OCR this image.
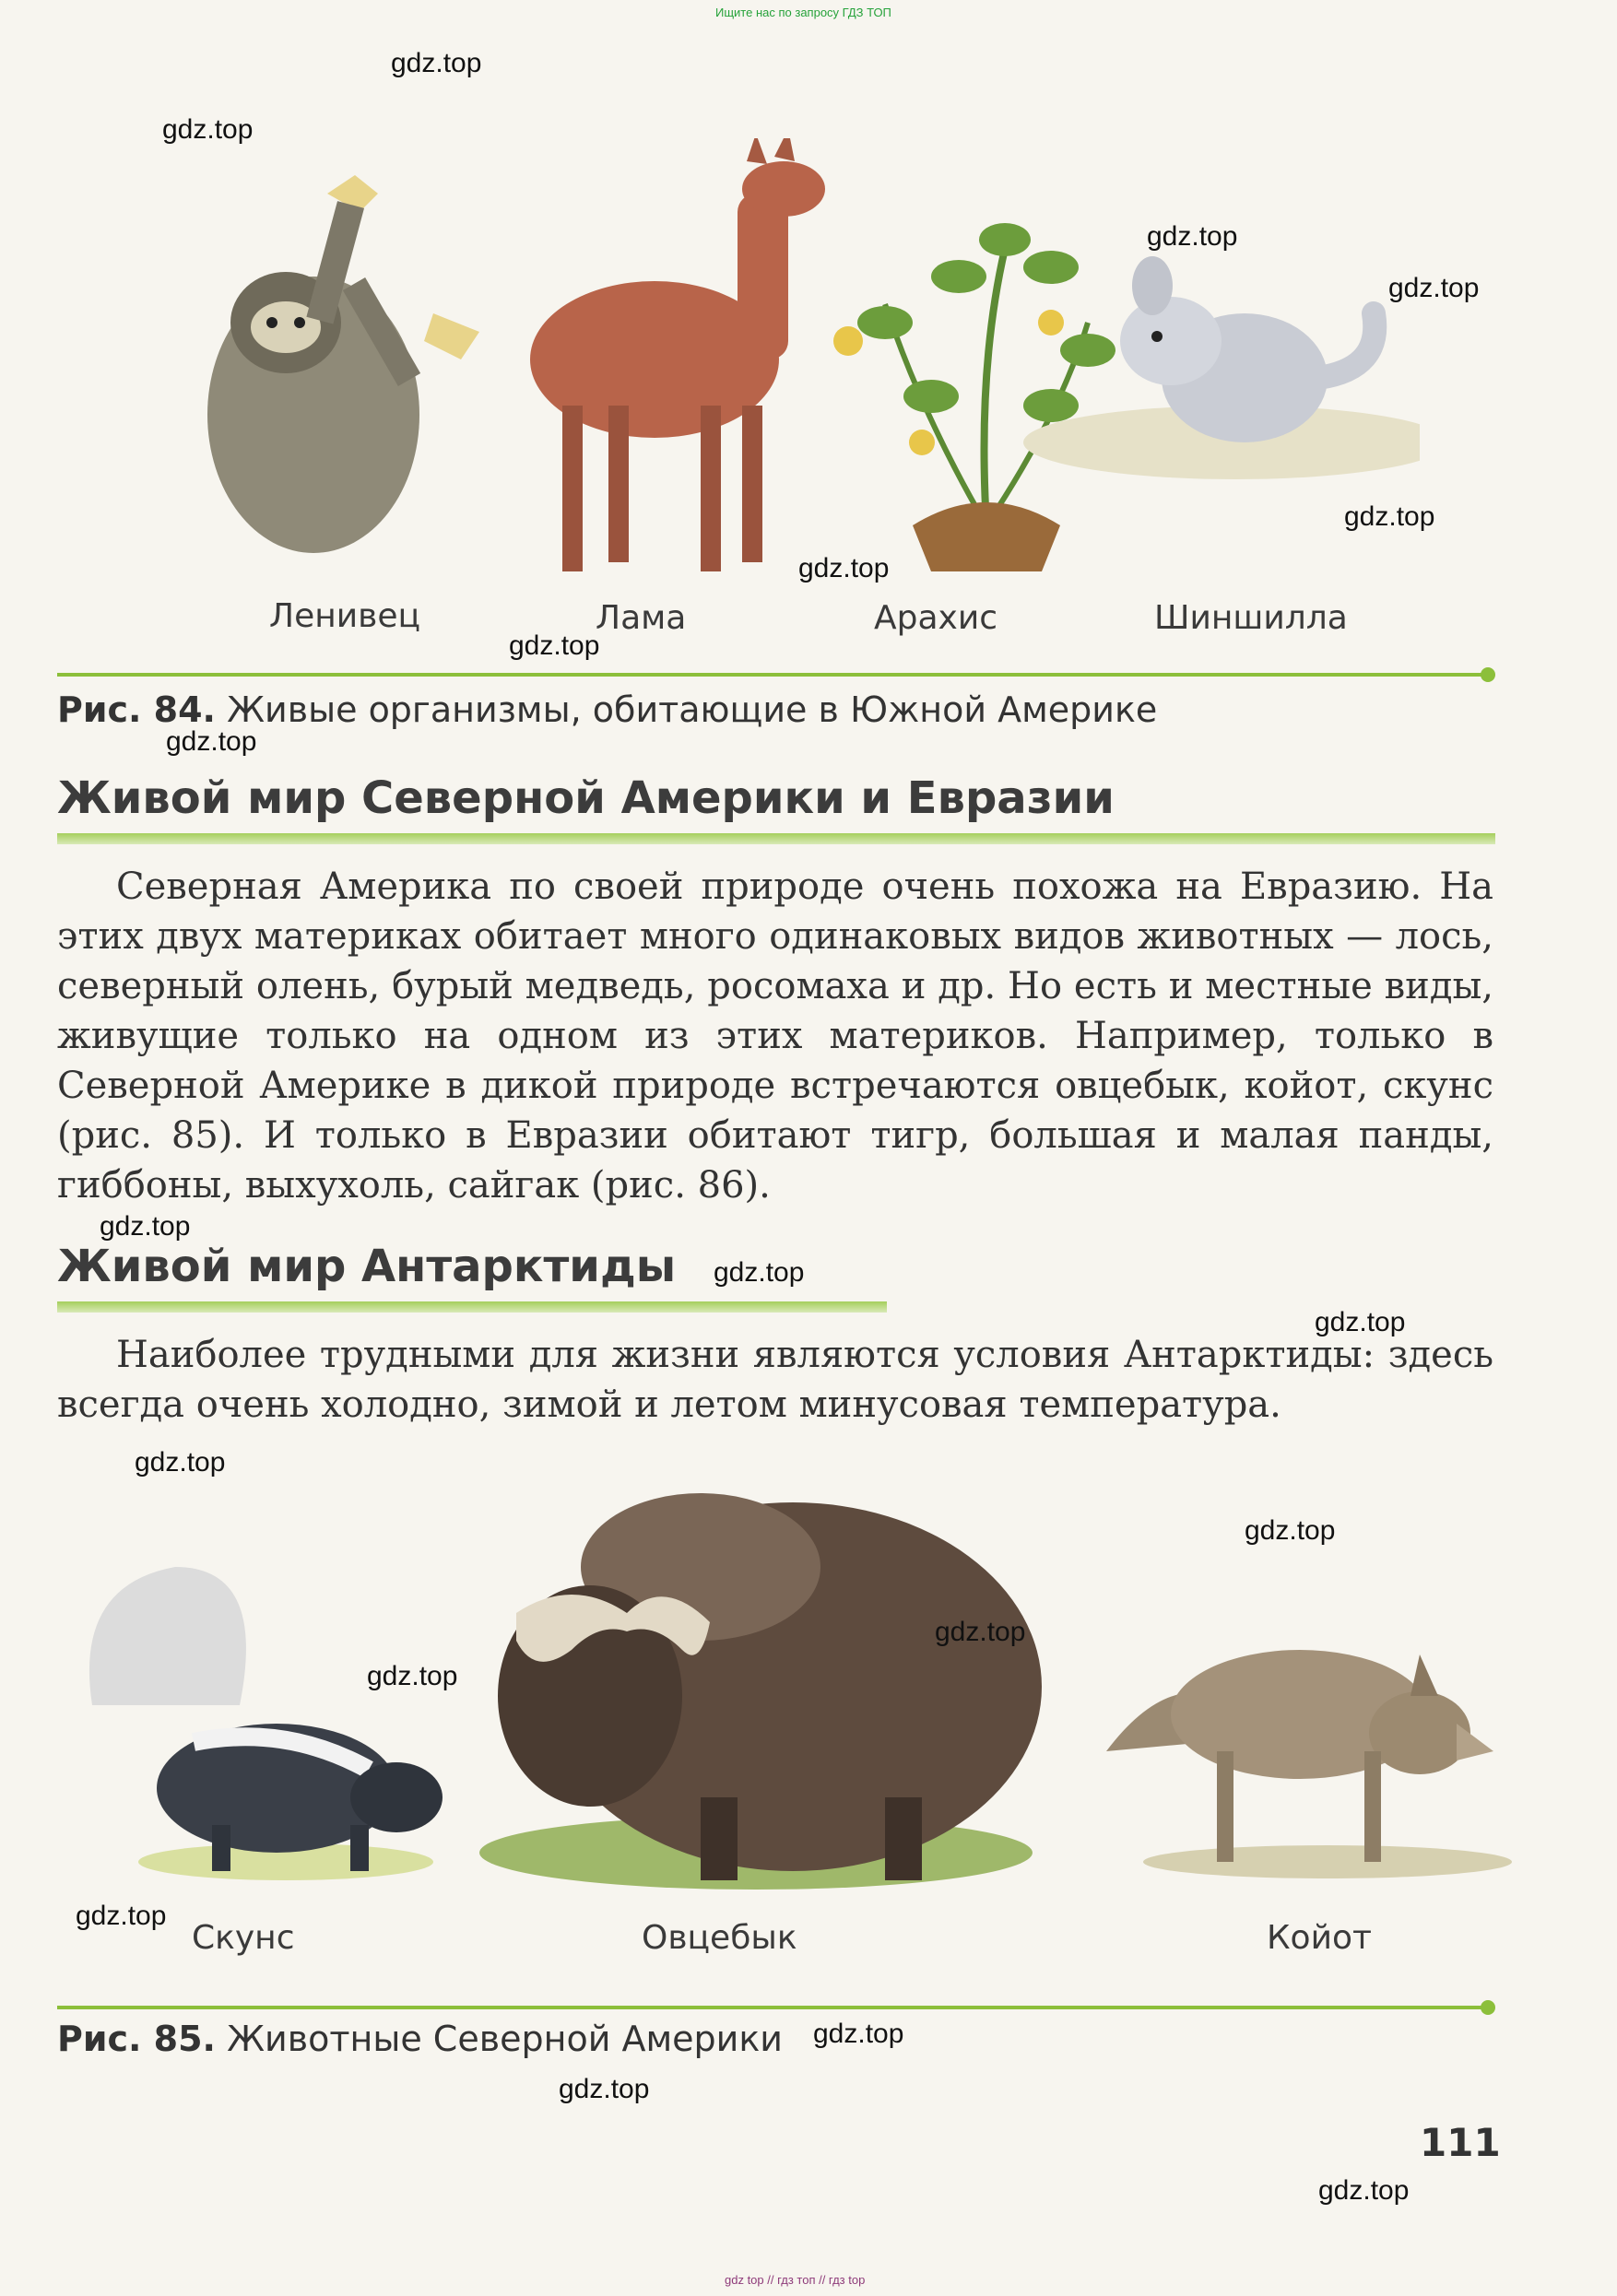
Ищите нас по запросу ГДЗ ТОП
Ленивец	Лама	Арахис	Шиншилла
Рис. 84. Живые организмы, обитающие в Южной Америке
Живой мир Северной Америки и Евразии
Северная Америка по своей природе очень похожа на Евразию. На этих двух материках обитает много одинаковых видов животных — лось, северный олень, бурый медведь, росомаха и др. Но есть и местные виды, живущие только на одном из этих материков. Например, только в Северной Америке в дикой природе встречаются овцебык, койот, скунс (рис. 85). И только в Евразии обитают тигр, большая и малая панды, гиббоны, выхухоль, сайгак (рис. 86).
Живой мир Антарктиды
Наиболее трудными для жизни являются условия Антарктиды: здесь всегда очень холодно, зимой и летом минусовая температура.
Скунс	Овцебык	Койот
Рис. 85. Животные Северной Америки
111
gdz top // гдз топ // гдз top
gdz.top
gdz.top
gdz.top
gdz.top
gdz.top
gdz.top
gdz.top
gdz.top
gdz.top
gdz.top
gdz.top
gdz.top
gdz.top
gdz.top
gdz.top
gdz.top
gdz.top
gdz.top
gdz.top
